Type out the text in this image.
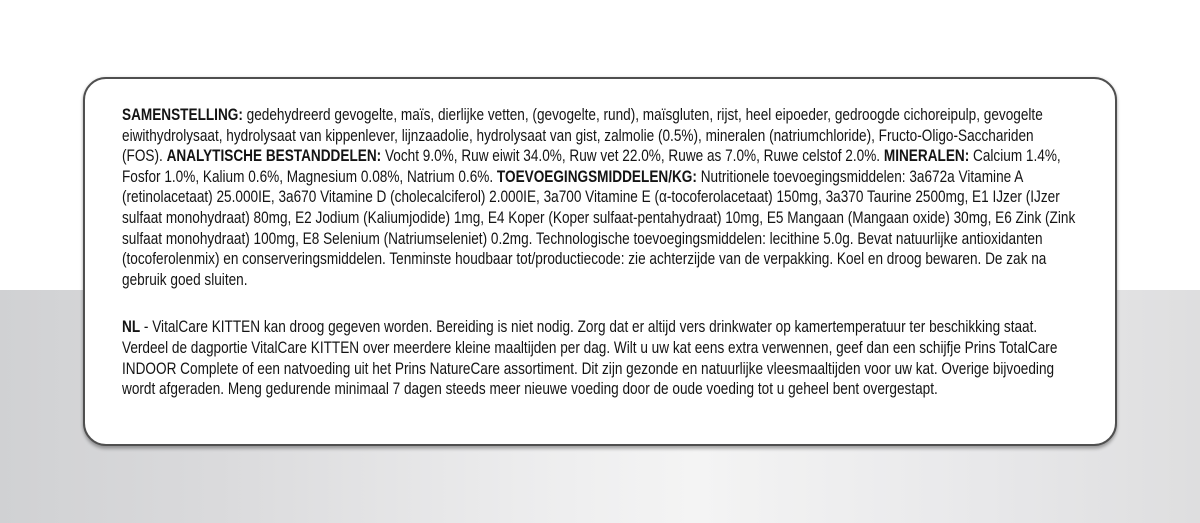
SAMENSTELLING: gedehydreerd gevogelte, maïs, dierlijke vetten, (gevogelte, rund), maïsgluten, rijst, heel eipoeder, gedroogde cichoreipulp, gevogelte eiwithydrolysaat, hydrolysaat van kippenlever, lijnzaadolie, hydrolysaat van gist, zalmolie (0.5%), mineralen (natriumchloride), Fructo-Oligo-Sacchariden (FOS). ANALYTISCHE BESTANDDELEN: Vocht 9.0%, Ruw eiwit 34.0%, Ruw vet 22.0%, Ruwe as 7.0%, Ruwe celstof 2.0%. MINERALEN: Calcium 1.4%, Fosfor 1.0%, Kalium 0.6%, Magnesium 0.08%, Natrium 0.6%. TOEVOEGINGSMIDDELEN/KG: Nutritionele toevoegingsmiddelen: 3a672a Vitamine A (retinolacetaat) 25.000IE, 3a670 Vitamine D (cholecalciferol) 2.000IE, 3a700 Vitamine E (α-tocoferolacetaat) 150mg, 3a370 Taurine 2500mg, E1 IJzer (IJzer sulfaat monohydraat) 80mg, E2 Jodium (Kaliumjodide) 1mg, E4 Koper (Koper sulfaat-pentahydraat) 10mg, E5 Mangaan (Mangaan oxide) 30mg, E6 Zink (Zink sulfaat monohydraat) 100mg, E8 Selenium (Natriumseleniet) 0.2mg. Technologische toevoegingsmiddelen: lecithine 5.0g. Bevat natuurlijke antioxidanten (tocoferolenmix) en conserveringsmiddelen. Tenminste houdbaar tot/productiecode: zie achterzijde van de verpakking. Koel en droog bewaren. De zak na gebruik goed sluiten.

NL - VitalCare KITTEN kan droog gegeven worden. Bereiding is niet nodig. Zorg dat er altijd vers drinkwater op kamertemperatuur ter beschikking staat. Verdeel de dagportie VitalCare KITTEN over meerdere kleine maaltijden per dag. Wilt u uw kat eens extra verwennen, geef dan een schijfje Prins TotalCare INDOOR Complete of een natvoeding uit het Prins NatureCare assortiment. Dit zijn gezonde en natuurlijke vleesmaaltijden voor uw kat. Overige bijvoeding wordt afgeraden. Meng gedurende minimaal 7 dagen steeds meer nieuwe voeding door de oude voeding tot u geheel bent overgestapt.
